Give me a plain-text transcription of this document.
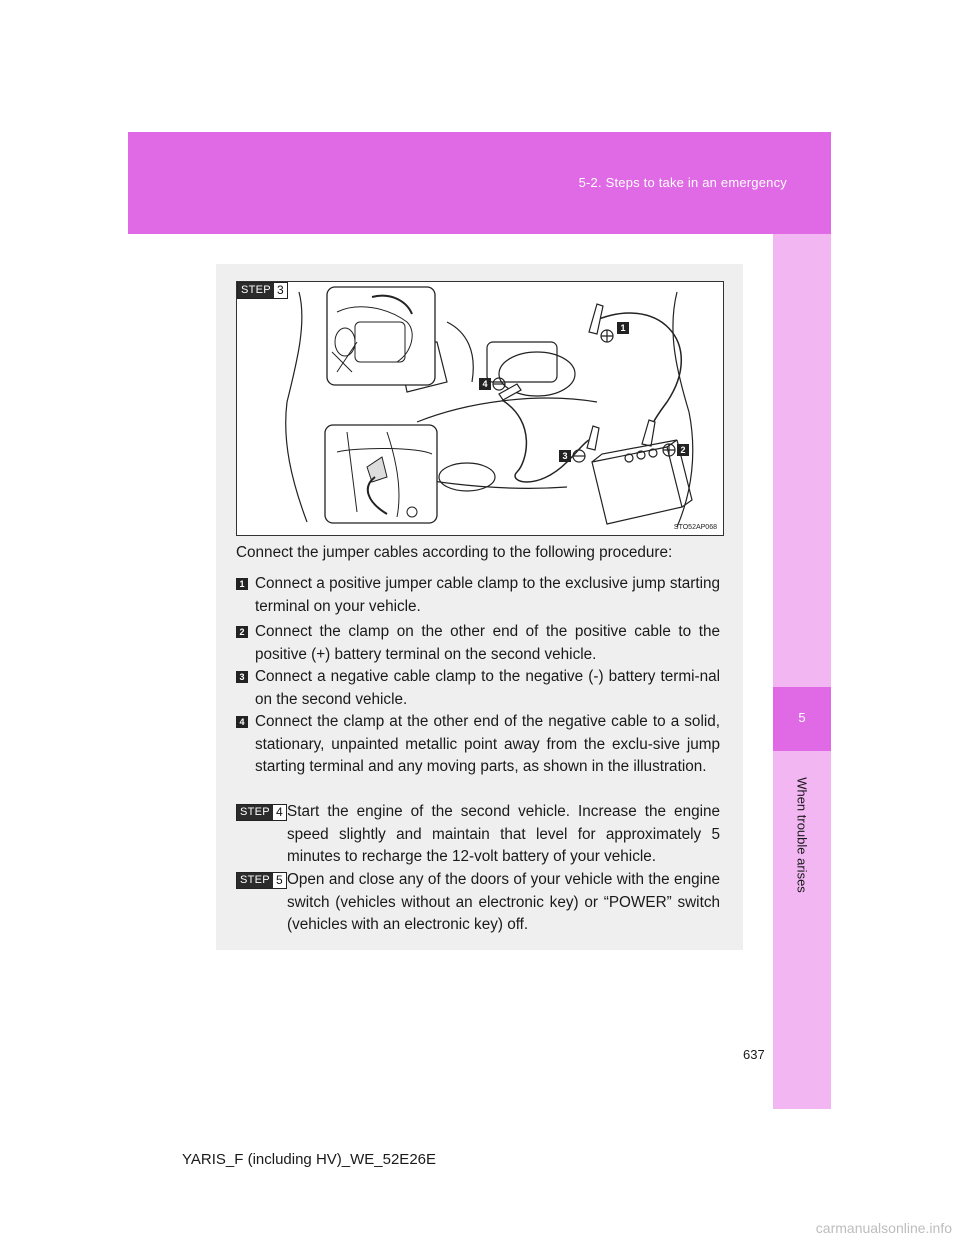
5-2. Steps to take in an emergency
5
When trouble arises
STEP 3
1
2
3
4
STO52AP068
Connect the jumper cables according to the following procedure:
1 Connect a positive jumper cable clamp to the exclusive jump starting terminal on your vehicle.
2 Connect the clamp on the other end of the positive cable to the positive (+) battery terminal on the second vehicle.
3 Connect a negative cable clamp to the negative (-) battery termi-nal on the second vehicle.
4 Connect the clamp at the other end of the negative cable to a solid, stationary, unpainted metallic point away from the exclu-sive jump starting terminal and any moving parts, as shown in the illustration.
STEP 4 Start the engine of the second vehicle. Increase the engine speed slightly and maintain that level for approximately 5 minutes to recharge the 12-volt battery of your vehicle.
STEP 5 Open and close any of the doors of your vehicle with the engine switch (vehicles without an electronic key) or “POWER” switch (vehicles with an electronic key) off.
637
YARIS_F (including HV)_WE_52E26E
carmanualsonline.info
